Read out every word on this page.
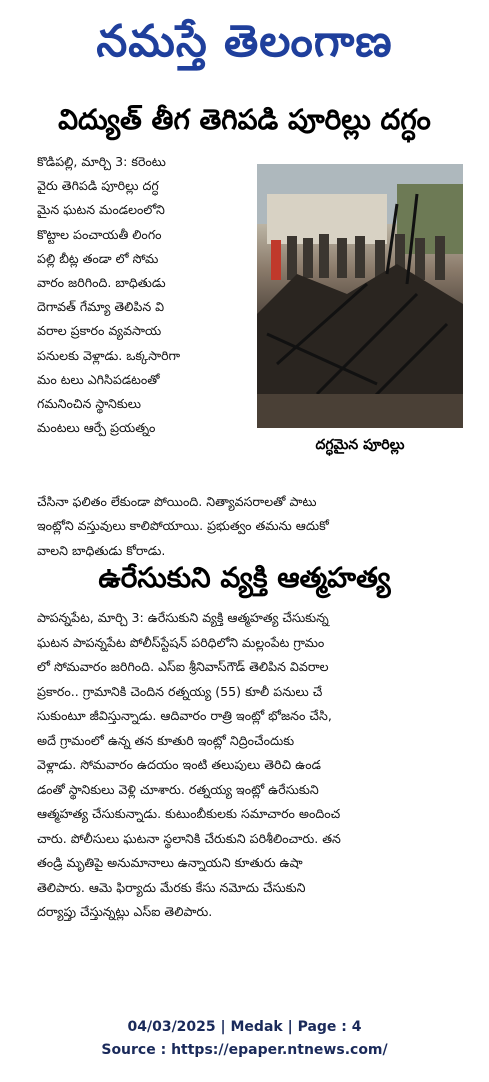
నమస్తే తెలంగాణ
విద్యుత్ తీగ తెగిపడి పూరిల్లు దగ్ధం
కొడిపల్లి, మార్చి 3: కరెంటు
వైరు తెగిపడి పూరిల్లు దగ్ధ
మైన ఘటన మండలంలోని
కొట్టాల పంచాయతీ లింగం
పల్లి బీట్ల తండా లో సోమ
వారం జరిగింది. బాధితుడు
దెగావత్ గేమ్యా తెలిపిన వి
వరాల ప్రకారం వ్యవసాయ
పనులకు వెళ్లాడు. ఒక్కసారిగా
మం టలు ఎగిసిపడటంతో
గమనించిన స్థానికులు
మంటలు ఆర్పే ప్రయత్నం
దగ్ధమైన పూరిల్లు
చేసినా ఫలితం లేకుండా పోయింది. నిత్యావసరాలతో పాటు
ఇంట్లోని వస్తువులు కాలిపోయాయి. ప్రభుత్వం తమను ఆదుకో
వాలని బాధితుడు కోరాడు.
ఉరేసుకుని వ్యక్తి ఆత్మహత్య
పాపన్నపేట, మార్చి 3: ఉరేసుకుని వ్యక్తి ఆత్మహత్య చేసుకున్న
ఘటన పాపన్నపేట పోలీస్‌స్టేషన్ పరిధిలోని మల్లంపేట గ్రామం
లో సోమవారం జరిగింది. ఎస్ఐ శ్రీనివాస్‌గౌడ్ తెలిపిన వివరాల
ప్రకారం.. గ్రామానికి చెందిన రత్నయ్య (55) కూలీ పనులు చే
సుకుంటూ జీవిస్తున్నాడు. ఆదివారం రాత్రి ఇంట్లో భోజనం చేసి,
అదే గ్రామంలో ఉన్న తన కూతురి ఇంట్లో నిద్రించేందుకు
వెళ్లాడు. సోమవారం ఉదయం ఇంటి తలుపులు తెరిచి ఉండ
డంతో స్థానికులు వెళ్లి చూశారు. రత్నయ్య ఇంట్లో ఉరేసుకుని
ఆత్మహత్య చేసుకున్నాడు. కుటుంబీకులకు సమాచారం అందించ
చారు. పోలీసులు ఘటనా స్థలానికి చేరుకుని పరిశీలించారు. తన
తండ్రి మృతిపై అనుమానాలు ఉన్నాయని కూతురు ఉషా
తెలిపారు. ఆమె ఫిర్యాదు మేరకు కేసు నమోదు చేసుకుని
దర్యాప్తు చేస్తున్నట్లు ఎస్ఐ తెలిపారు.
04/03/2025 | Medak | Page : 4
Source : https://epaper.ntnews.com/
